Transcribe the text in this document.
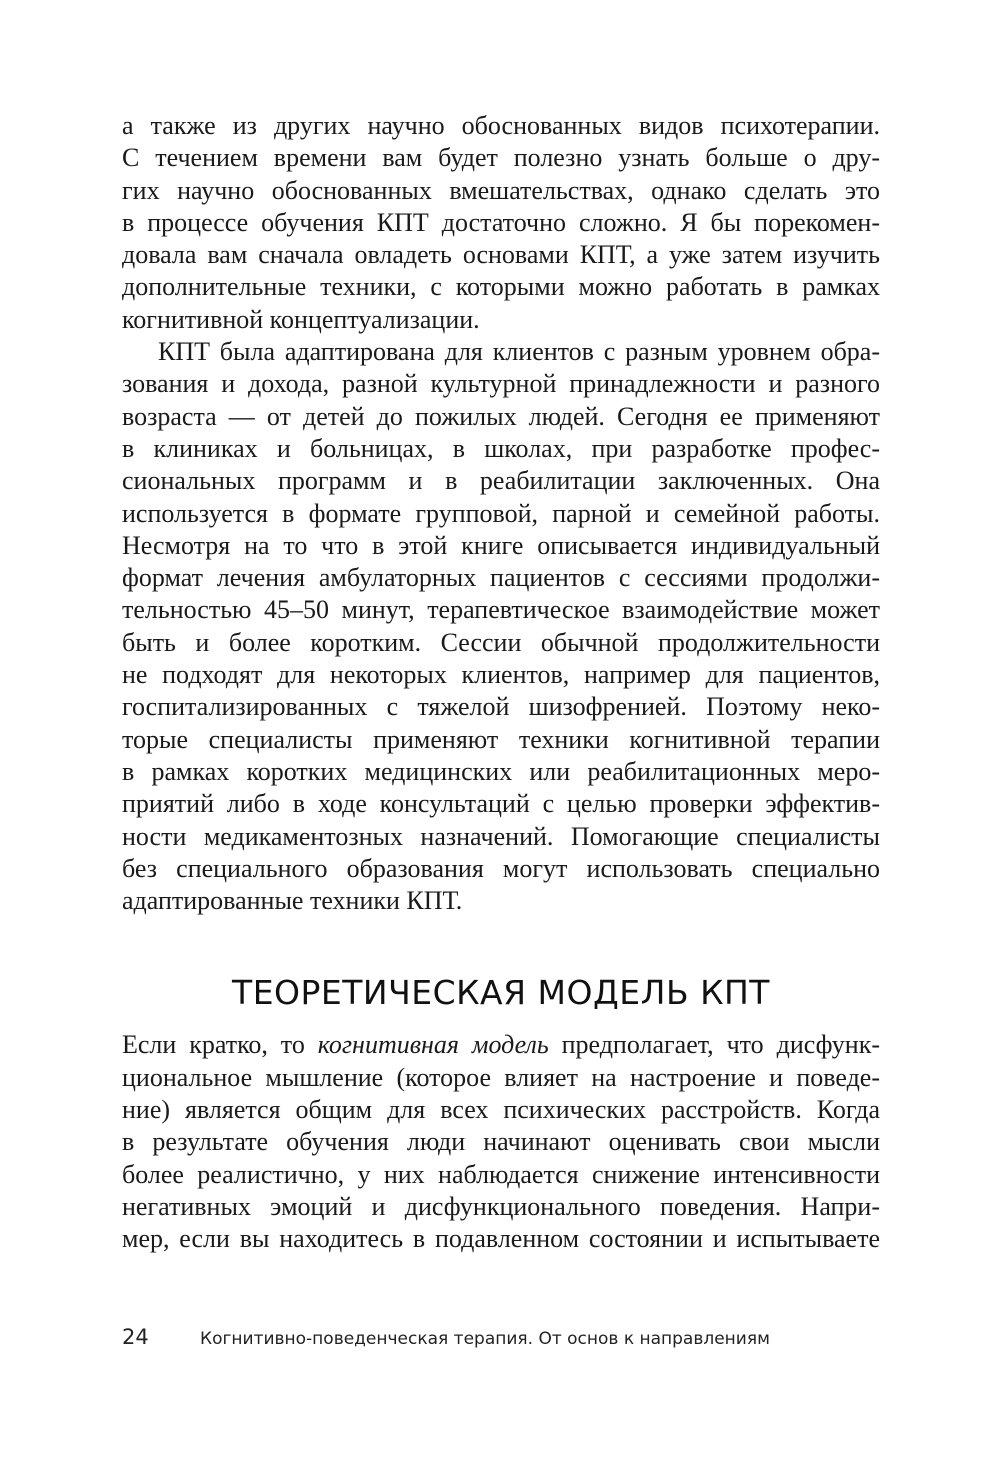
а также из других научно обоснованных видов психотерапии.
С течением времени вам будет полезно узнать больше о дру-
гих научно обоснованных вмешательствах, однако сделать это
в процессе обучения КПТ достаточно сложно. Я бы порекомен-
довала вам сначала овладеть основами КПТ, а уже затем изучить
дополнительные техники, с которыми можно работать в рамках
когнитивной концептуализации.

КПТ была адаптирована для клиентов с разным уровнем обра-
зования и дохода, разной культурной принадлежности и разного
возраста — от детей до пожилых людей. Сегодня ее применяют
в клиниках и больницах, в школах, при разработке профес-
сиональных программ и в реабилитации заключенных. Она
используется в формате групповой, парной и семейной работы.
Несмотря на то что в этой книге описывается индивидуальный
формат лечения амбулаторных пациентов с сессиями продолжи-
тельностью 45–50 минут, терапевтическое взаимодействие может
быть и более коротким. Сессии обычной продолжительности
не подходят для некоторых клиентов, например для пациентов,
госпитализированных с тяжелой шизофренией. Поэтому неко-
торые специалисты применяют техники когнитивной терапии
в рамках коротких медицинских или реабилитационных меро-
приятий либо в ходе консультаций с целью проверки эффектив-
ности медикаментозных назначений. Помогающие специалисты
без специального образования могут использовать специально
адаптированные техники КПТ.

ТЕОРЕТИЧЕСКАЯ МОДЕЛЬ КПТ

Если кратко, то когнитивная модель предполагает, что дисфунк-
циональное мышление (которое влияет на настроение и поведе-
ние) является общим для всех психических расстройств. Когда
в результате обучения люди начинают оценивать свои мысли
более реалистично, у них наблюдается снижение интенсивности
негативных эмоций и дисфункционального поведения. Напри-
мер, если вы находитесь в подавленном состоянии и испытываете

24	Когнитивно-поведенческая терапия. От основ к направлениям
